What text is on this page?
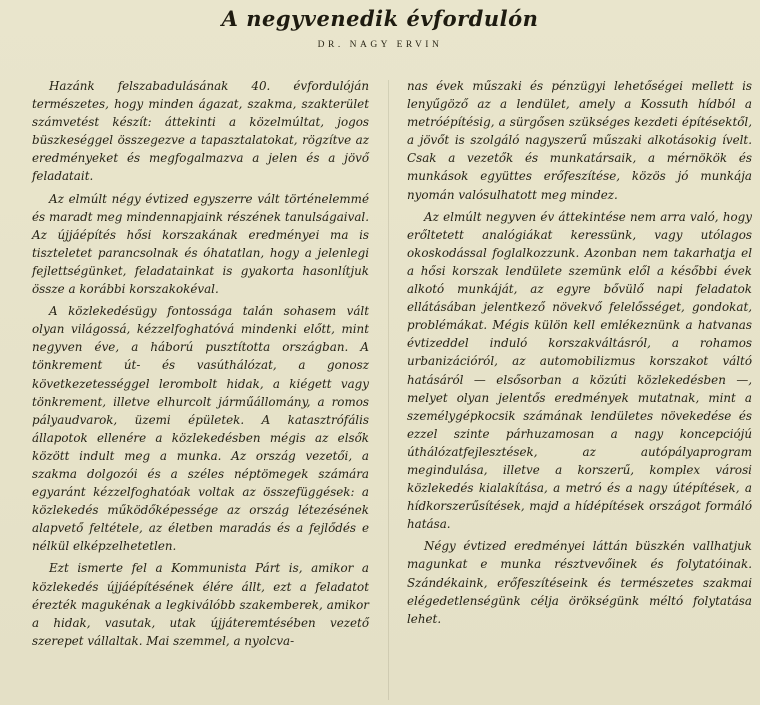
A negyvenedik évfordulón
DR. NAGY ERVIN

Hazánk felszabadulásának 40. évfordulóján természetes, hogy minden ágazat, szakma, szakterület számvetést készít: áttekinti a közelmúltat, jogos büszkeséggel összegezve a tapasztalatokat, rögzítve az eredményeket és megfogalmazva a jelen és a jövő feladatait.

Az elmúlt négy évtized egyszerre vált történelemmé és maradt meg mindennapjaink részének tanulságaival. Az újjáépítés hősi korszakának eredményei ma is tiszteletet parancsolnak és óhatatlan, hogy a jelenlegi fejlettségünket, feladatainkat is gyakorta hasonlítjuk össze a korábbi korszakokéval.

A közlekedésügy fontossága talán sohasem vált olyan világossá, kézzelfoghatóvá mindenki előtt, mint negyven éve, a háború pusztította országban. A tönkrement út- és vasúthálózat, a gonosz következetességgel lerombolt hidak, a kiégett vagy tönkrement, illetve elhurcolt járműállomány, a romos pályaudvarok, üzemi épületek. A katasztrófális állapotok ellenére a közlekedésben mégis az elsők között indult meg a munka. Az ország vezetői, a szakma dolgozói és a széles néptömegek számára egyaránt kézzelfoghatóak voltak az összefüggések: a közlekedés működőképessége az ország létezésének alapvető feltétele, az életben maradás és a fejlődés e nélkül elképzelhetetlen.

Ezt ismerte fel a Kommunista Párt is, amikor a közlekedés újjáépítésének élére állt, ezt a feladatot érezték magukénak a legkiválóbb szakemberek, amikor a hidak, vasutak, utak újjáteremtésében vezető szerepet vállaltak. Mai szemmel, a nyolcva-

nas évek műszaki és pénzügyi lehetőségei mellett is lenyűgöző az a lendület, amely a Kossuth hídból a metróépítésig, a sürgősen szükséges kezdeti építésektől, a jövőt is szolgáló nagyszerű műszaki alkotásokig ívelt. Csak a vezetők és munkatársaik, a mérnökök és munkások együttes erőfeszítése, közös jó munkája nyomán valósulhatott meg mindez.

Az elmúlt negyven év áttekintése nem arra való, hogy erőltetett analógiákat keressünk, vagy utólagos okoskodással foglalkozzunk. Azonban nem takarhatja el a hősi korszak lendülete szemünk elől a későbbi évek alkotó munkáját, az egyre bővülő napi feladatok ellátásában jelentkező növekvő felelősséget, gondokat, problémákat. Mégis külön kell emlékeznünk a hatvanas évtizeddel induló korszakváltásról, a rohamos urbanizációról, az automobilizmus korszakot váltó hatásáról — elsősorban a közúti közlekedésben —, melyet olyan jelentős eredmények mutatnak, mint a személygépkocsik számának lendületes növekedése és ezzel szinte párhuzamosan a nagy koncepciójú úthálózatfejlesztések, az autópályaprogram megindulása, illetve a korszerű, komplex városi közlekedés kialakítása, a metró és a nagy útépítések, a hídkorszerűsítések, majd a hídépítések országot formáló hatása.

Négy évtized eredményei láttán büszkén vallhatjuk magunkat e munka résztvevőinek és folytatóinak. Szándékaink, erőfeszítéseink és természetes szakmai elégedetlenségünk célja örökségünk méltó folytatása lehet.
